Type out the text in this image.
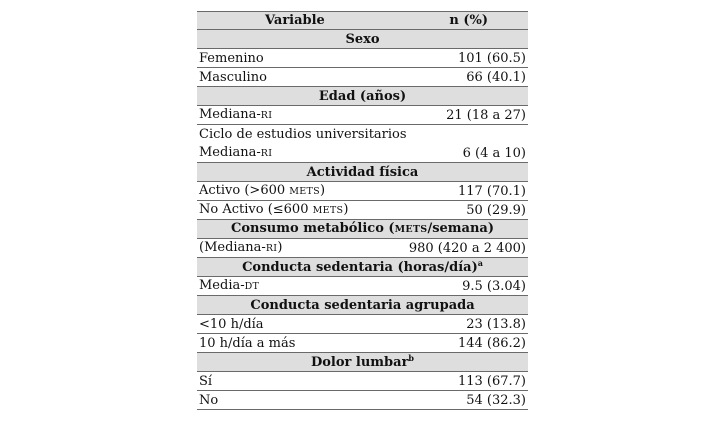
Variable	n (%)
Sexo
Femenino	101 (60.5)
Masculino	66 (40.1)
Edad (años)
Mediana-RI	21 (18 a 27)
Ciclo de estudios universitarios
Mediana-RI	6 (4 a 10)
Actividad física
Activo (>600 METS)	117 (70.1)
No Activo (≤600 METS)	50 (29.9)
Consumo metabólico (METS/semana)
(Mediana-RI)	980 (420 a 2 400)
Conducta sedentaria (horas/día)$^a$
Media-DT	9.5 (3.04)
Conducta sedentaria agrupada
<10 h/día	23 (13.8)
10 h/día a más	144 (86.2)
Dolor lumbar$^b$
Sí	113 (67.7)
No	54 (32.3)
